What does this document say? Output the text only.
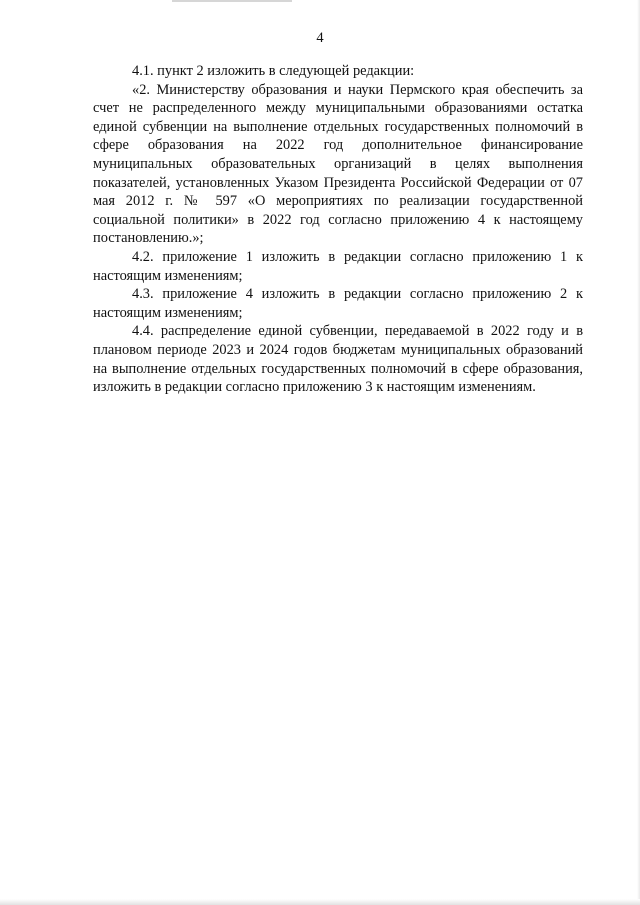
4

4.1. пункт 2 изложить в следующей редакции:

«2. Министерству образования и науки Пермского края обеспечить за счет не распределенного между муниципальными образованиями остатка единой субвенции на выполнение отдельных государственных полномочий в сфере образования на 2022 год дополнительное финансирование муниципальных образовательных организаций в целях выполнения показателей, установленных Указом Президента Российской Федерации от 07 мая 2012 г. № 597 «О мероприятиях по реализации государственной социальной политики» в 2022 год согласно приложению 4 к настоящему постановлению.»;

4.2. приложение 1 изложить в редакции согласно приложению 1 к настоящим изменениям;

4.3. приложение 4 изложить в редакции согласно приложению 2 к настоящим изменениям;

4.4. распределение единой субвенции, передаваемой в 2022 году и в плановом периоде 2023 и 2024 годов бюджетам муниципальных образований на выполнение отдельных государственных полномочий в сфере образования, изложить в редакции согласно приложению 3 к настоящим изменениям.
